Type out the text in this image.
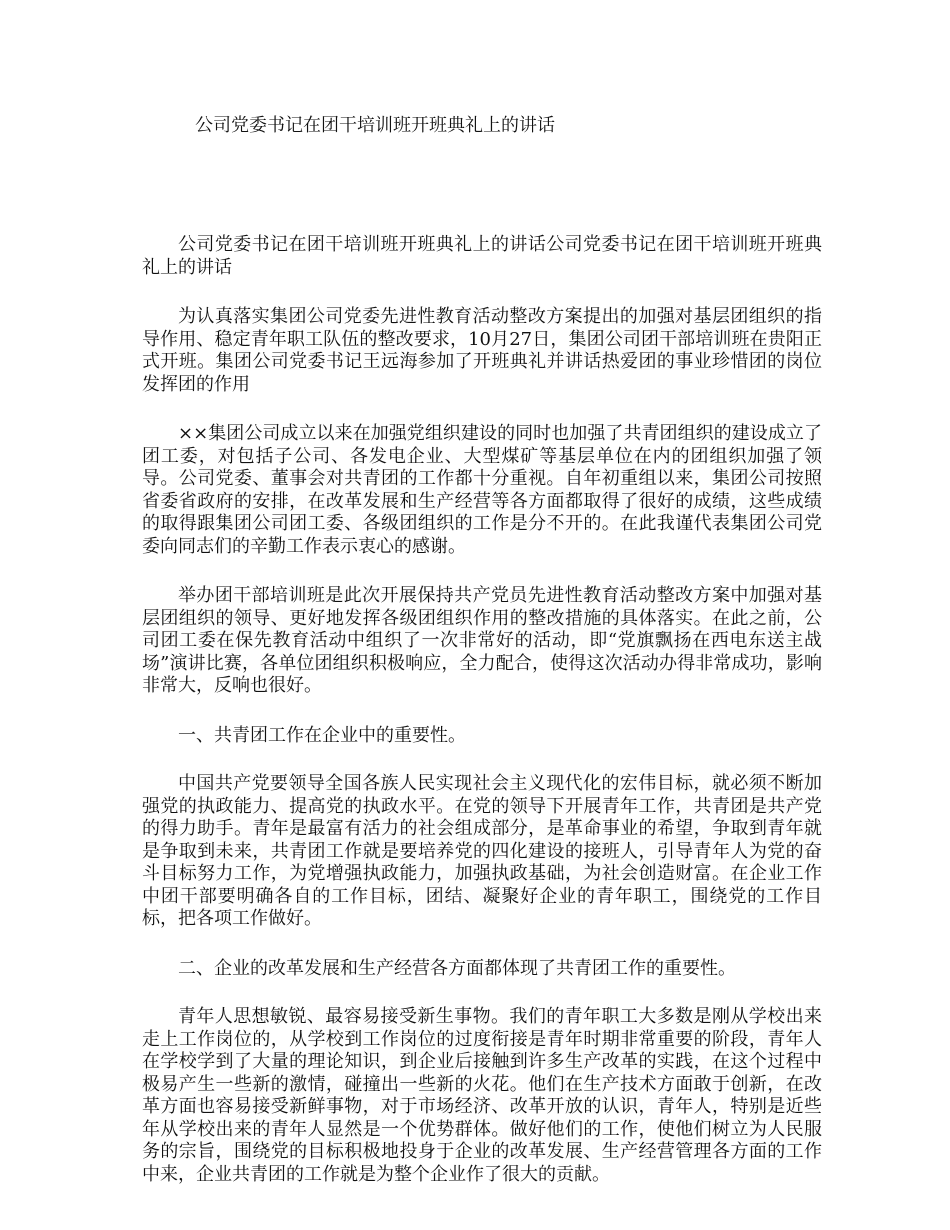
公司党委书记在团干培训班开班典礼上的讲话

公司党委书记在团干培训班开班典礼上的讲话公司党委书记在团干培训班开班典礼上的讲话

为认真落实集团公司党委先进性教育活动整改方案提出的加强对基层团组织的指导作用、稳定青年职工队伍的整改要求，10月27日，集团公司团干部培训班在贵阳正式开班。集团公司党委书记王远海参加了开班典礼并讲话热爱团的事业珍惜团的岗位发挥团的作用

××集团公司成立以来在加强党组织建设的同时也加强了共青团组织的建设成立了团工委，对包括子公司、各发电企业、大型煤矿等基层单位在内的团组织加强了领导。公司党委、董事会对共青团的工作都十分重视。自年初重组以来，集团公司按照省委省政府的安排，在改革发展和生产经营等各方面都取得了很好的成绩，这些成绩的取得跟集团公司团工委、各级团组织的工作是分不开的。在此我谨代表集团公司党委向同志们的辛勤工作表示衷心的感谢。

举办团干部培训班是此次开展保持共产党员先进性教育活动整改方案中加强对基层团组织的领导、更好地发挥各级团组织作用的整改措施的具体落实。在此之前，公司团工委在保先教育活动中组织了一次非常好的活动，即“党旗飘扬在西电东送主战场”演讲比赛，各单位团组织积极响应，全力配合，使得这次活动办得非常成功，影响非常大，反响也很好。

一、共青团工作在企业中的重要性。

中国共产党要领导全国各族人民实现社会主义现代化的宏伟目标，就必须不断加强党的执政能力、提高党的执政水平。在党的领导下开展青年工作，共青团是共产党的得力助手。青年是最富有活力的社会组成部分，是革命事业的希望，争取到青年就是争取到未来，共青团工作就是要培养党的四化建设的接班人，引导青年人为党的奋斗目标努力工作，为党增强执政能力，加强执政基础，为社会创造财富。在企业工作中团干部要明确各自的工作目标，团结、凝聚好企业的青年职工，围绕党的工作目标，把各项工作做好。

二、企业的改革发展和生产经营各方面都体现了共青团工作的重要性。

青年人思想敏锐、最容易接受新生事物。我们的青年职工大多数是刚从学校出来走上工作岗位的，从学校到工作岗位的过度衔接是青年时期非常重要的阶段，青年人在学校学到了大量的理论知识，到企业后接触到许多生产改革的实践，在这个过程中极易产生一些新的激情，碰撞出一些新的火花。他们在生产技术方面敢于创新，在改革方面也容易接受新鲜事物，对于市场经济、改革开放的认识，青年人，特别是近些年从学校出来的青年人显然是一个优势群体。做好他们的工作，使他们树立为人民服务的宗旨，围绕党的目标积极地投身于企业的改革发展、生产经营管理各方面的工作中来，企业共青团的工作就是为整个企业作了很大的贡献。
